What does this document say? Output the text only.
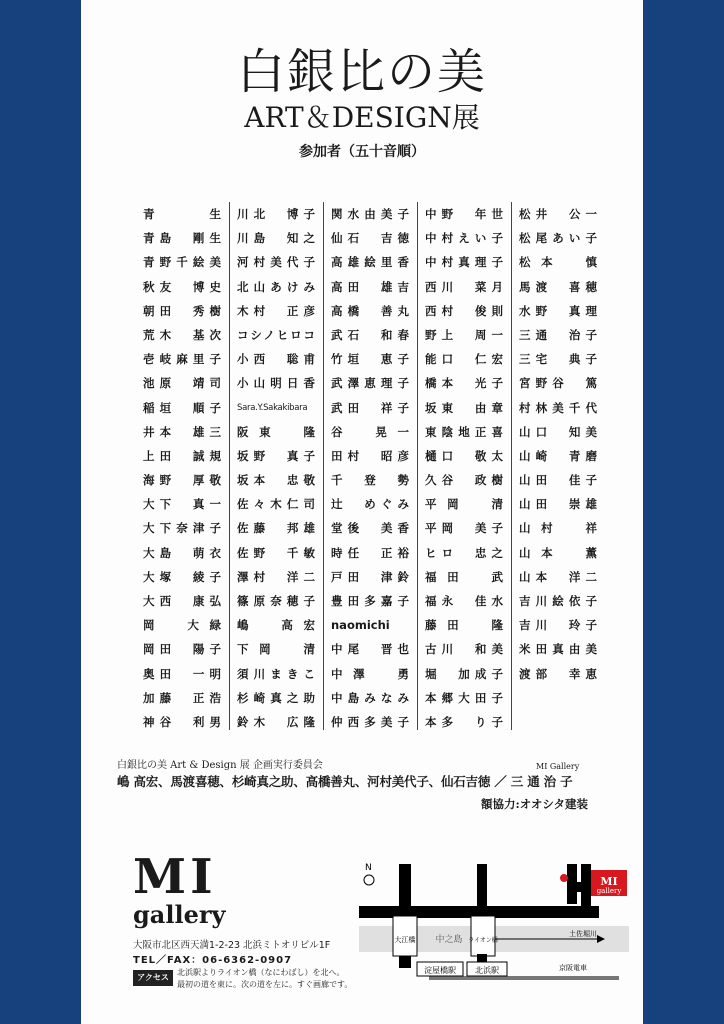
白銀比の美
ART＆DESIGN展
参加者（五十音順）
青　生
青島　剛生
青野千絵美
秋友　博史
朝田　秀樹
荒木　基次
壱岐麻里子
池原　靖司
稲垣　順子
井本　雄三
上田　誠規
海野　厚敬
大下　真一
大下奈津子
大島　萌衣
大塚　綾子
大西　康弘
岡　大緑
岡田　陽子
奥田　一明
加藤　正浩
神谷　利男
川北　博子
川島　知之
河村美代子
北山あけみ
木村　正彦
コシノヒロコ
小西　聡甫
小山明日香
Sara.Y.Sakakibara
阪東　隆
坂野　真子
坂本　忠敬
佐々木仁司
佐藤　邦雄
佐野　千敏
澤村　洋二
篠原奈穂子
嶋　高宏
下岡　清
須川まきこ
杉崎真之助
鈴木　広隆
関水由美子
仙石　吉徳
高雄絵里香
高田　雄吉
高橋　善丸
武石　和春
竹垣　恵子
武澤恵理子
武田　祥子
谷　晃一
田村　昭彦
千　登　勢
辻　めぐみ
堂後　美香
時任　正裕
戸田　津鈴
豊田多嘉子
naomichi
中尾　晋也
中澤　勇
中島みなみ
仲西多美子
中野　年世
中村えい子
中村真理子
西川　菜月
西村　俊則
野上　周一
能口　仁宏
橋本　光子
坂東　由章
東陰地正喜
樋口　敬太
久谷　政樹
平岡　清
平岡　美子
ヒロ　忠之
福田　武
福永　佳水
藤田　隆
古川　和美
堀　加成子
本郷大田子
本多　り子
松井　公一
松尾あい子
松本　慎
馬渡　喜穂
水野　真理
三通　治子
三宅　典子
宮野谷　篤
村林美千代
山口　知美
山崎　青磨
山田　佳子
山田　崇雄
山村　祥
山本　薫
山本　洋二
吉川絵依子
吉川　玲子
米田真由美
渡部　幸恵
白銀比の美 Art & Design 展 企画実行委員会	MI Gallery
嶋 高宏、馬渡喜穂、杉崎真之助、高橋善丸、河村美代子、仙石吉徳 ／ 三 通 治 子
額協力:オオシタ建装
MI
gallery
大阪市北区西天満1-2-23 北浜ミトオリビル1F
TEL／FAX：06-6362-0907
アクセス
北浜駅よりライオン橋（なにわばし）を北へ。
最初の道を東に。次の道を左に。すぐ画廊です。
N
MI
gallery
大江橋	ライオン橋
中之島
土佐堀川
淀屋橋駅 北浜駅	京阪電車
